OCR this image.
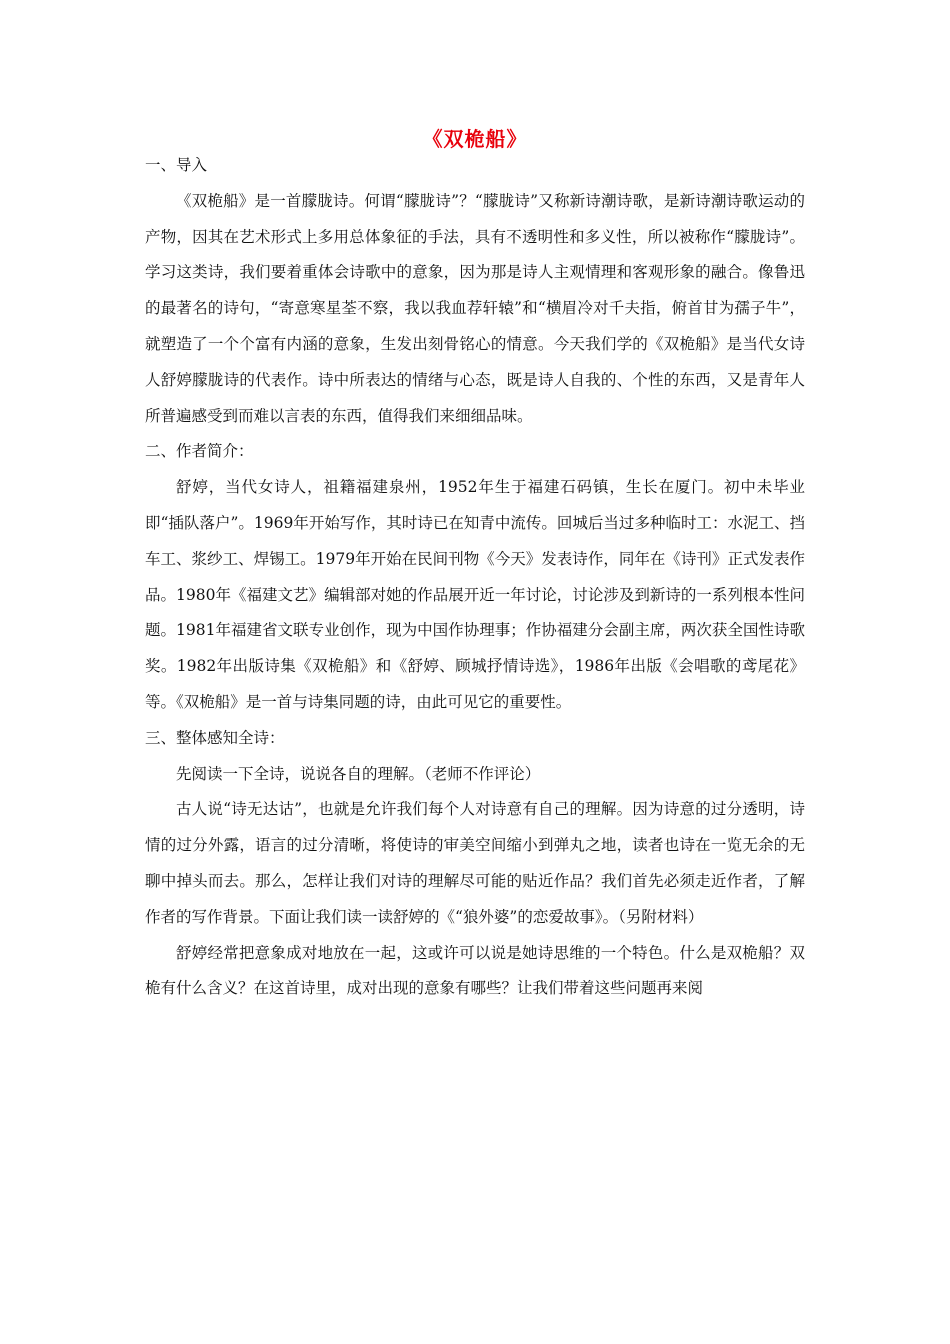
《双桅船》

一、导入

《双桅船》是一首朦胧诗。何谓“朦胧诗”？“朦胧诗”又称新诗潮诗歌，是新诗潮诗歌运动的产物，因其在艺术形式上多用总体象征的手法，具有不透明性和多义性，所以被称作“朦胧诗”。学习这类诗，我们要着重体会诗歌中的意象，因为那是诗人主观情理和客观形象的融合。像鲁迅的最著名的诗句，“寄意寒星荃不察，我以我血荐轩辕”和“横眉冷对千夫指，俯首甘为孺子牛”，就塑造了一个个富有内涵的意象，生发出刻骨铭心的情意。今天我们学的《双桅船》是当代女诗人舒婷朦胧诗的代表作。诗中所表达的情绪与心态，既是诗人自我的、个性的东西，又是青年人所普遍感受到而难以言表的东西，值得我们来细细品味。

二、作者简介：

舒婷，当代女诗人，祖籍福建泉州，1952年生于福建石码镇，生长在厦门。初中未毕业即“插队落户”。1969年开始写作，其时诗已在知青中流传。回城后当过多种临时工：水泥工、挡车工、浆纱工、焊锡工。1979年开始在民间刊物《今天》发表诗作，同年在《诗刊》正式发表作品。1980年《福建文艺》编辑部对她的作品展开近一年讨论，讨论涉及到新诗的一系列根本性问题。1981年福建省文联专业创作，现为中国作协理事；作协福建分会副主席，两次获全国性诗歌奖。1982年出版诗集《双桅船》和《舒婷、顾城抒情诗选》，1986年出版《会唱歌的鸢尾花》等。《双桅船》是一首与诗集同题的诗，由此可见它的重要性。

三、整体感知全诗：

先阅读一下全诗，说说各自的理解。（老师不作评论）

古人说“诗无达诂”，也就是允许我们每个人对诗意有自己的理解。因为诗意的过分透明，诗情的过分外露，语言的过分清晰，将使诗的审美空间缩小到弹丸之地，读者也诗在一览无余的无聊中掉头而去。那么，怎样让我们对诗的理解尽可能的贴近作品？我们首先必须走近作者，了解作者的写作背景。下面让我们读一读舒婷的《“狼外婆”的恋爱故事》。（另附材料）

舒婷经常把意象成对地放在一起，这或许可以说是她诗思维的一个特色。什么是双桅船？双桅有什么含义？在这首诗里，成对出现的意象有哪些？让我们带着这些问题再来阅
